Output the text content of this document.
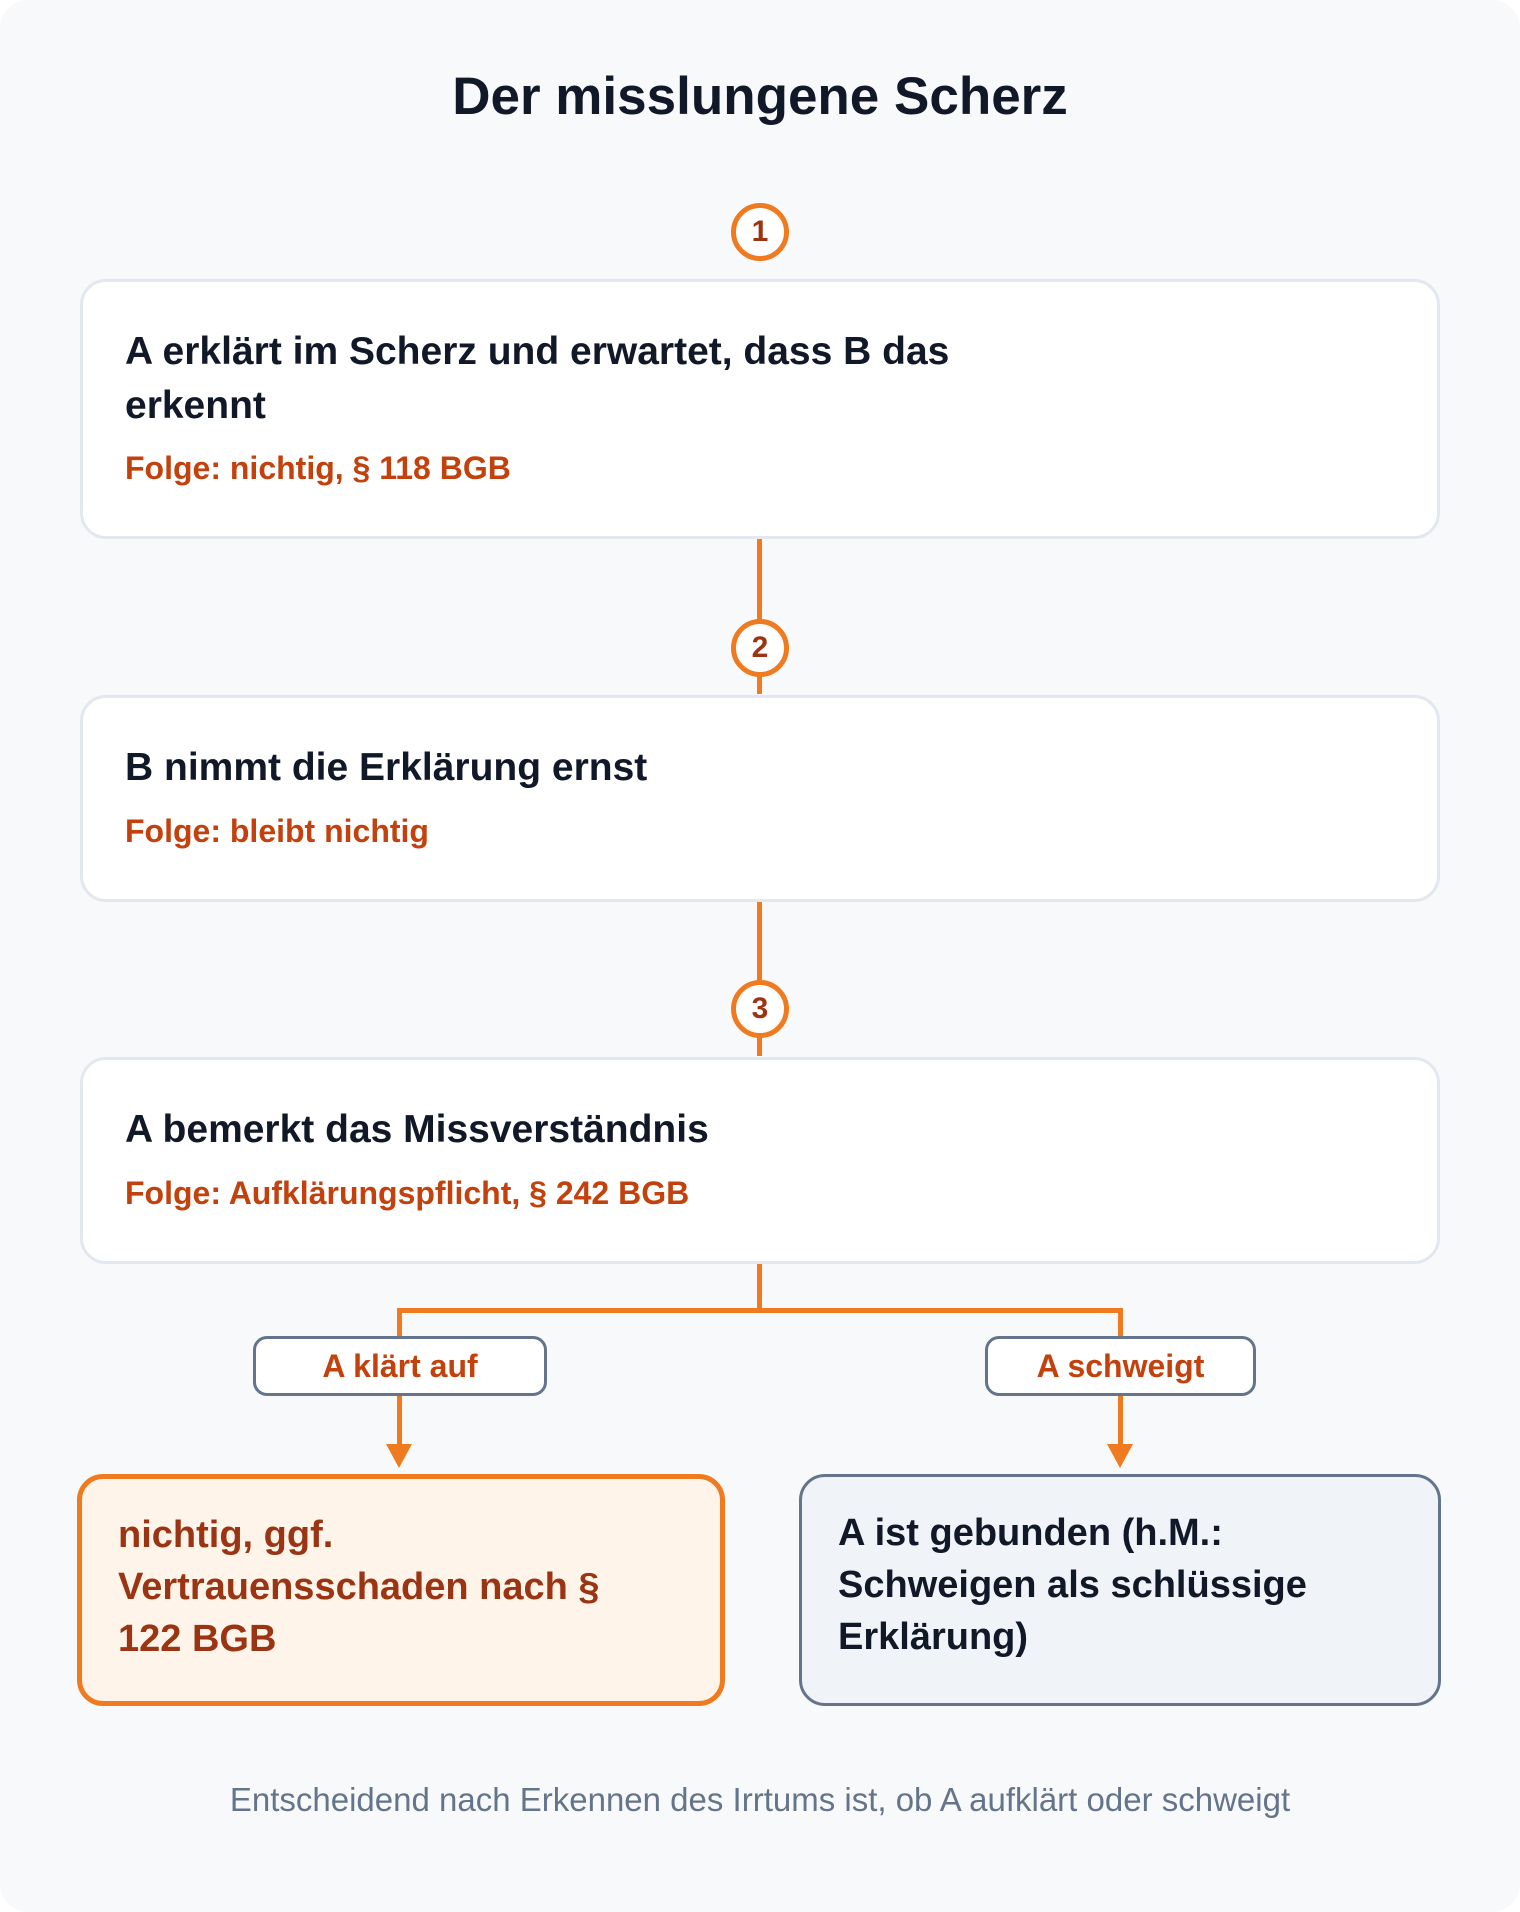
Der misslungene Scherz
1
A erklärt im Scherz und erwartet, dass B das erkennt
Folge: nichtig, § 118 BGB
2
B nimmt die Erklärung ernst
Folge: bleibt nichtig
3
A bemerkt das Missverständnis
Folge: Aufklärungspflicht, § 242 BGB
A klärt auf	A schweigt
nichtig, ggf. Vertrauensschaden nach § 122 BGB
A ist gebunden (h.M.: Schweigen als schlüssige Erklärung)
Entscheidend nach Erkennen des Irrtums ist, ob A aufklärt oder schweigt
